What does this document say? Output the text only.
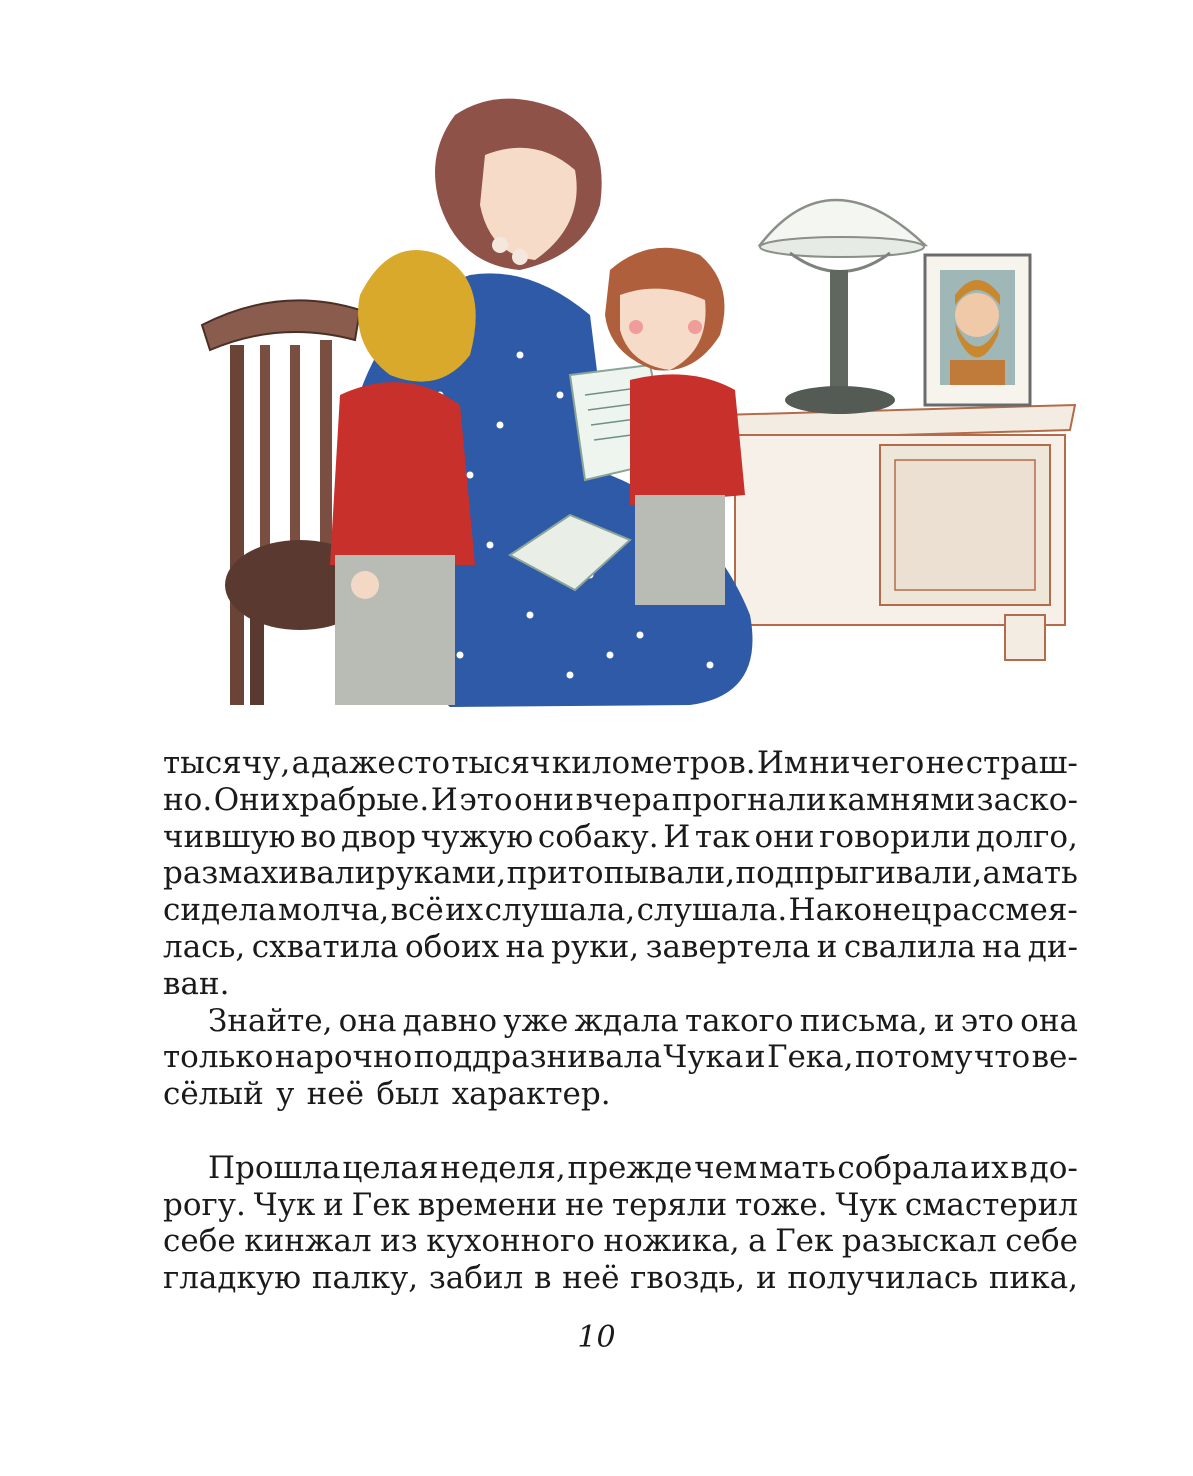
тысячу, а даже сто тысяч километров. Им ничего не страш-
но. Они храбрые. И это они вчера прогнали камнями заско-
чившую во двор чужую собаку. И так они говорили долго,
размахивали руками, притопывали, подпрыгивали, а мать
сидела молча, всё их слушала, слушала. Наконец рассмея-
лась, схватила обоих на руки, завертела и свалила на ди-
ван.
Знайте, она давно уже ждала такого письма, и это она
только нарочно поддразнивала Чука и Гека, потому что ве-
сёлый у неё был характер.
Прошла целая неделя, прежде чем мать собрала их в до-
рогу. Чук и Гек времени не теряли тоже. Чук смастерил
себе кинжал из кухонного ножика, а Гек разыскал себе
гладкую палку, забил в неё гвоздь, и получилась пика,
10
